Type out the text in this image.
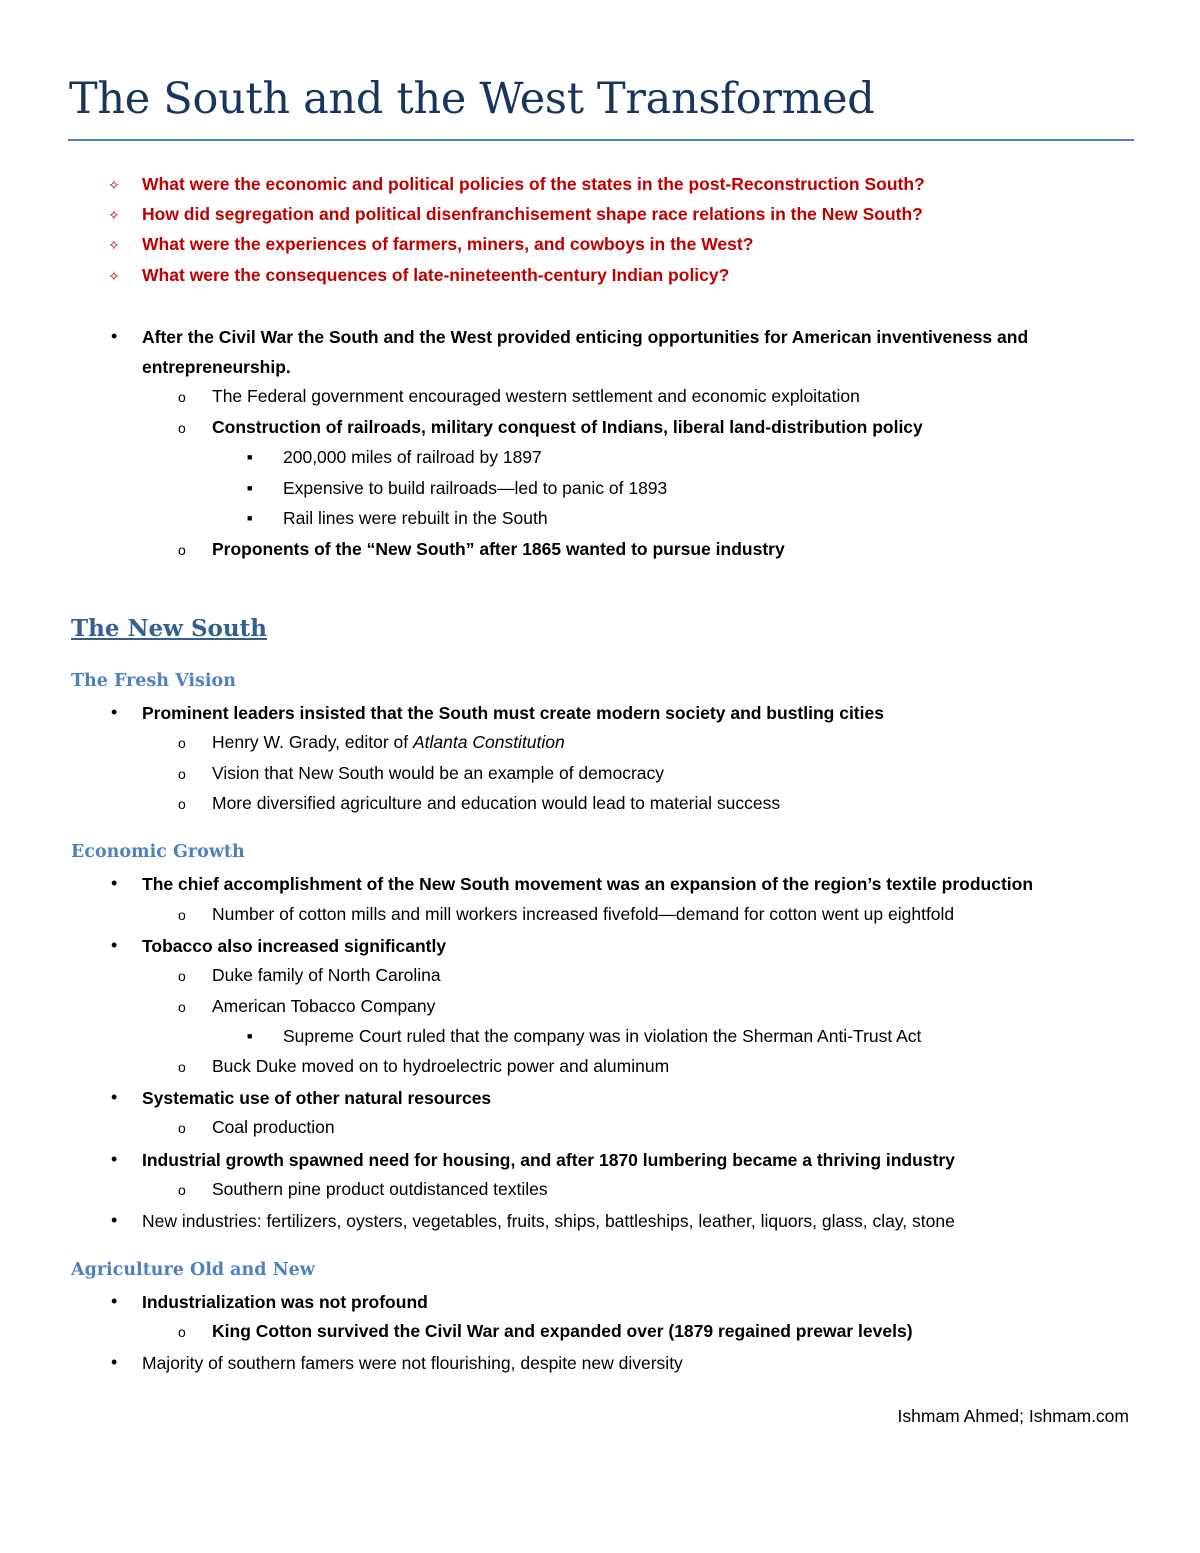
The South and the West Transformed
✧ What were the economic and political policies of the states in the post-Reconstruction South?
✧ How did segregation and political disenfranchisement shape race relations in the New South?
✧ What were the experiences of farmers, miners, and cowboys in the West?
✧ What were the consequences of late-nineteenth-century Indian policy?
• After the Civil War the South and the West provided enticing opportunities for American inventiveness and
entrepreneurship.
o The Federal government encouraged western settlement and economic exploitation
o Construction of railroads, military conquest of Indians, liberal land-distribution policy
■ 200,000 miles of railroad by 1897
■ Expensive to build railroads—led to panic of 1893
■ Rail lines were rebuilt in the South
o Proponents of the “New South” after 1865 wanted to pursue industry
The New South
The Fresh Vision
• Prominent leaders insisted that the South must create modern society and bustling cities
o Henry W. Grady, editor of Atlanta Constitution
o Vision that New South would be an example of democracy
o More diversified agriculture and education would lead to material success
Economic Growth
• The chief accomplishment of the New South movement was an expansion of the region’s textile production
o Number of cotton mills and mill workers increased fivefold—demand for cotton went up eightfold
• Tobacco also increased significantly
o Duke family of North Carolina
o American Tobacco Company
■ Supreme Court ruled that the company was in violation the Sherman Anti-Trust Act
o Buck Duke moved on to hydroelectric power and aluminum
• Systematic use of other natural resources
o Coal production
• Industrial growth spawned need for housing, and after 1870 lumbering became a thriving industry
o Southern pine product outdistanced textiles
• New industries: fertilizers, oysters, vegetables, fruits, ships, battleships, leather, liquors, glass, clay, stone
Agriculture Old and New
• Industrialization was not profound
o King Cotton survived the Civil War and expanded over (1879 regained prewar levels)
• Majority of southern famers were not flourishing, despite new diversity
Ishmam Ahmed; Ishmam.com
